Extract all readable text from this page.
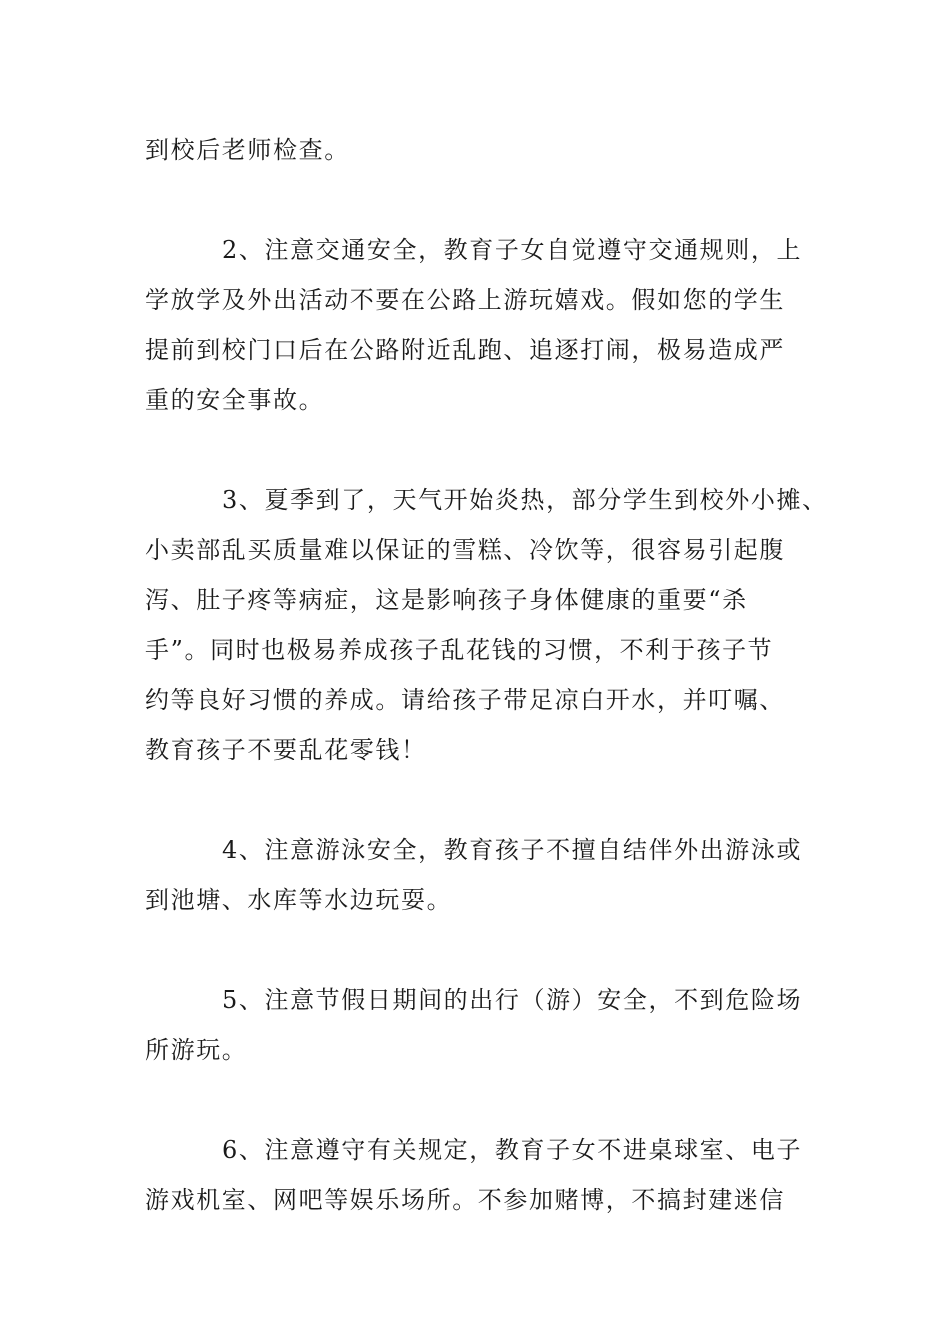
到校后老师检查。
2、注意交通安全，教育子女自觉遵守交通规则，上
学放学及外出活动不要在公路上游玩嬉戏。假如您的学生
提前到校门口后在公路附近乱跑、追逐打闹，极易造成严
重的安全事故。
3、夏季到了，天气开始炎热，部分学生到校外小摊、
小卖部乱买质量难以保证的雪糕、冷饮等，很容易引起腹
泻、肚子疼等病症，这是影响孩子身体健康的重要“杀
手”。同时也极易养成孩子乱花钱的习惯，不利于孩子节
约等良好习惯的养成。请给孩子带足凉白开水，并叮嘱、
教育孩子不要乱花零钱！
4、注意游泳安全，教育孩子不擅自结伴外出游泳或
到池塘、水库等水边玩耍。
5、注意节假日期间的出行（游）安全，不到危险场
所游玩。
6、注意遵守有关规定，教育子女不进桌球室、电子
游戏机室、网吧等娱乐场所。不参加赌博，不搞封建迷信
